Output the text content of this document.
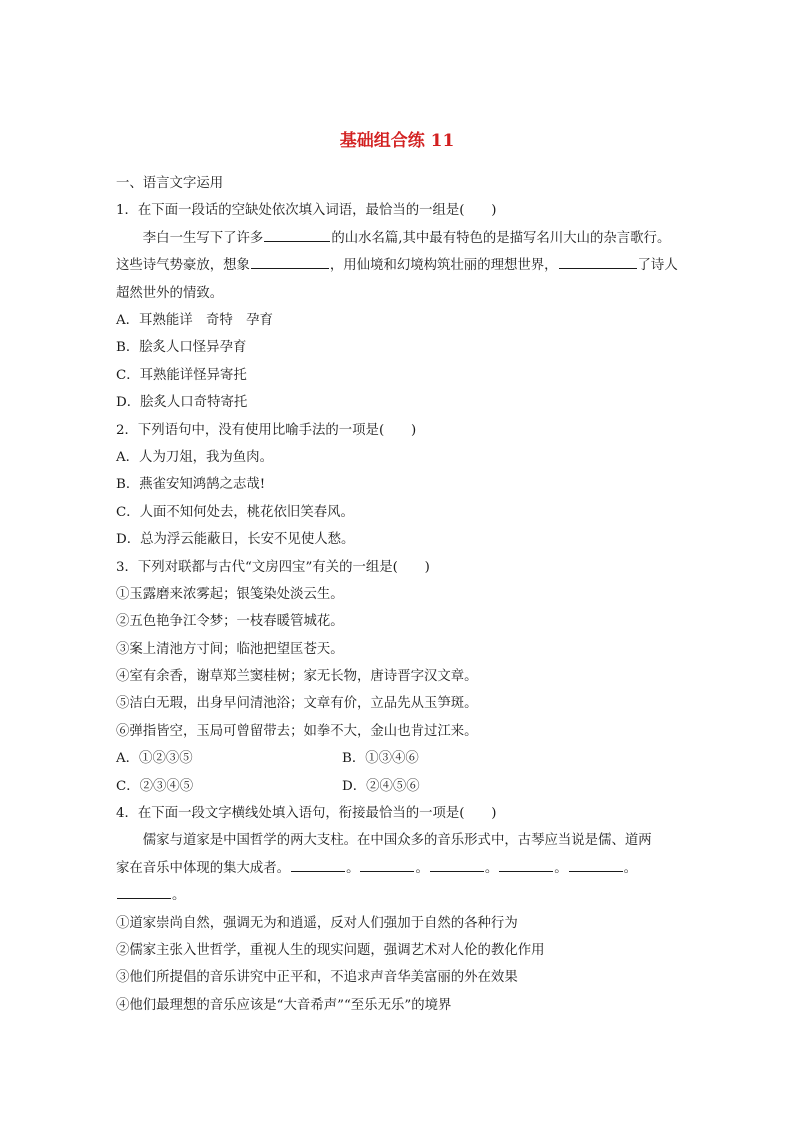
基础组合练 11
一、语言文字运用
1．在下面一段话的空缺处依次填入词语，最恰当的一组是(　　)
李白一生写下了许多	的山水名篇,其中最有特色的是描写名川大山的杂言歌行。
这些诗气势豪放，想象	，用仙境和幻境构筑壮丽的理想世界，	了诗人
超然世外的情致。
A．耳熟能详　奇特　孕育
B．脍炙人口怪异孕育
C．耳熟能详怪异寄托
D．脍炙人口奇特寄托
2．下列语句中，没有使用比喻手法的一项是(　　)
A．人为刀俎，我为鱼肉。
B．燕雀安知鸿鹄之志哉!
C．人面不知何处去，桃花依旧笑春风。
D．总为浮云能蔽日，长安不见使人愁。
3．下列对联都与古代“文房四宝”有关的一组是(　　)
①玉露磨来浓雾起；银笺染处淡云生。
②五色艳争江令梦；一枝春暖管城花。
③案上清池方寸间；临池把望匡苍天。
④室有余香，谢草郑兰窦桂树；家无长物，唐诗晋字汉文章。
⑤洁白无瑕，出身早问清池浴；文章有价，立品先从玉笋斑。
⑥弹指皆空，玉局可曾留带去；如拳不大，金山也肯过江来。
A．①②③⑤	B．①③④⑥
C．②③④⑤	D．②④⑤⑥
4．在下面一段文字横线处填入语句，衔接最恰当的一项是(　　)
儒家与道家是中国哲学的两大支柱。在中国众多的音乐形式中，古琴应当说是儒、道两
家在音乐中体现的集大成者。	。	。	。	。	。
。
①道家崇尚自然，强调无为和逍遥，反对人们强加于自然的各种行为
②儒家主张入世哲学，重视人生的现实问题，强调艺术对人伦的教化作用
③他们所提倡的音乐讲究中正平和，不追求声音华美富丽的外在效果
④他们最理想的音乐应该是“大音希声”“至乐无乐”的境界
